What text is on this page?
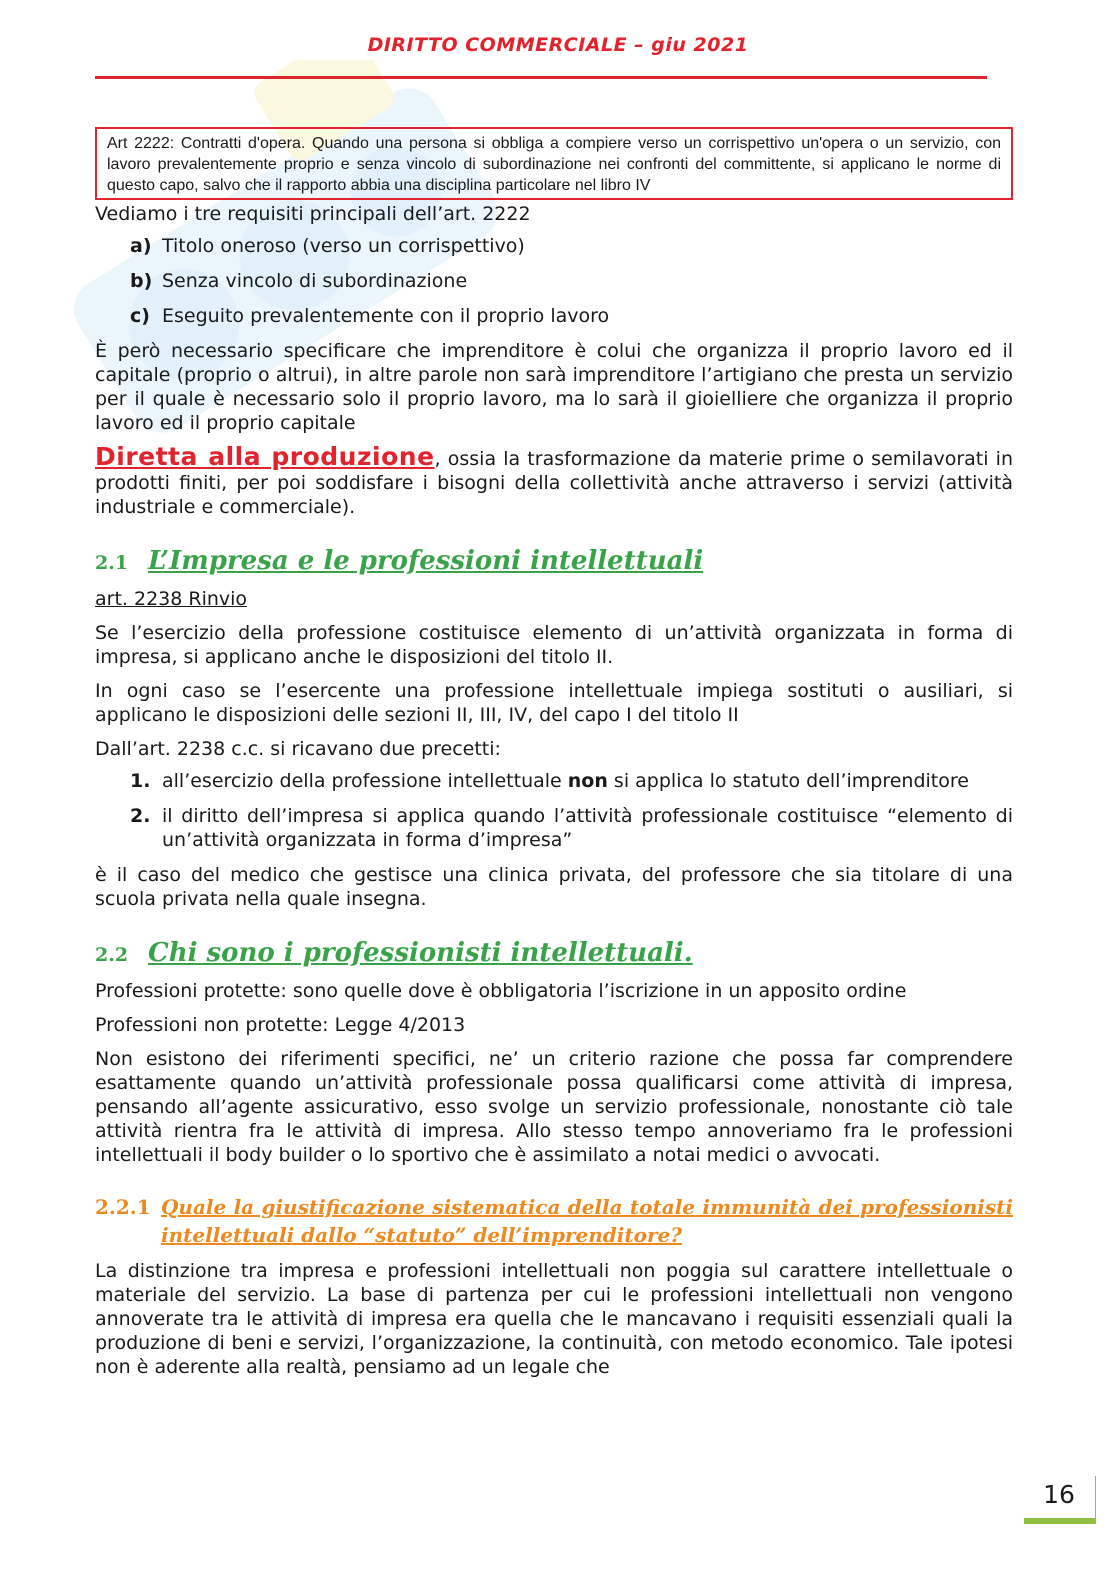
DIRITTO COMMERCIALE – giu 2021
Art 2222: Contratti d'opera. Quando una persona si obbliga a compiere verso un corrispettivo un'opera o un servizio, con lavoro prevalentemente proprio e senza vincolo di subordinazione nei confronti del committente, si applicano le norme di questo capo, salvo che il rapporto abbia una disciplina particolare nel libro IV

Vediamo i tre requisiti principali dell’art. 2222

a) Titolo oneroso (verso un corrispettivo)
b) Senza vincolo di subordinazione
c) Eseguito prevalentemente con il proprio lavoro

È però necessario specificare che imprenditore è colui che organizza il proprio lavoro ed il capitale (proprio o altrui), in altre parole non sarà imprenditore l’artigiano che presta un servizio per il quale è necessario solo il proprio lavoro, ma lo sarà il gioielliere che organizza il proprio lavoro ed il proprio capitale

Diretta alla produzione, ossia la trasformazione da materie prime o semilavorati in prodotti finiti, per poi soddisfare i bisogni della collettività anche attraverso i servizi (attività industriale e commerciale).

2.1 L’Impresa e le professioni intellettuali

art. 2238 Rinvio

Se l’esercizio della professione costituisce elemento di un’attività organizzata in forma di impresa, si applicano anche le disposizioni del titolo II.

In ogni caso se l’esercente una professione intellettuale impiega sostituti o ausiliari, si applicano le disposizioni delle sezioni II, III, IV, del capo I del titolo II

Dall’art. 2238 c.c. si ricavano due precetti:

1. all’esercizio della professione intellettuale non si applica lo statuto dell’imprenditore
2. il diritto dell’impresa si applica quando l’attività professionale costituisce “elemento di un’attività organizzata in forma d’impresa”

è il caso del medico che gestisce una clinica privata, del professore che sia titolare di una scuola privata nella quale insegna.

2.2 Chi sono i professionisti intellettuali.

Professioni protette: sono quelle dove è obbligatoria l’iscrizione in un apposito ordine

Professioni non protette: Legge 4/2013

Non esistono dei riferimenti specifici, ne’ un criterio razione che possa far comprendere esattamente quando un’attività professionale possa qualificarsi come attività di impresa, pensando all’agente assicurativo, esso svolge un servizio professionale, nonostante ciò tale attività rientra fra le attività di impresa. Allo stesso tempo annoveriamo fra le professioni intellettuali il body builder o lo sportivo che è assimilato a notai medici o avvocati.

2.2.1 Quale la giustificazione sistematica della totale immunità dei professionisti intellettuali dallo “statuto” dell’imprenditore?

La distinzione tra impresa e professioni intellettuali non poggia sul carattere intellettuale o materiale del servizio. La base di partenza per cui le professioni intellettuali non vengono annoverate tra le attività di impresa era quella che le mancavano i requisiti essenziali quali la produzione di beni e servizi, l’organizzazione, la continuità, con metodo economico. Tale ipotesi non è aderente alla realtà, pensiamo ad un legale che

16
